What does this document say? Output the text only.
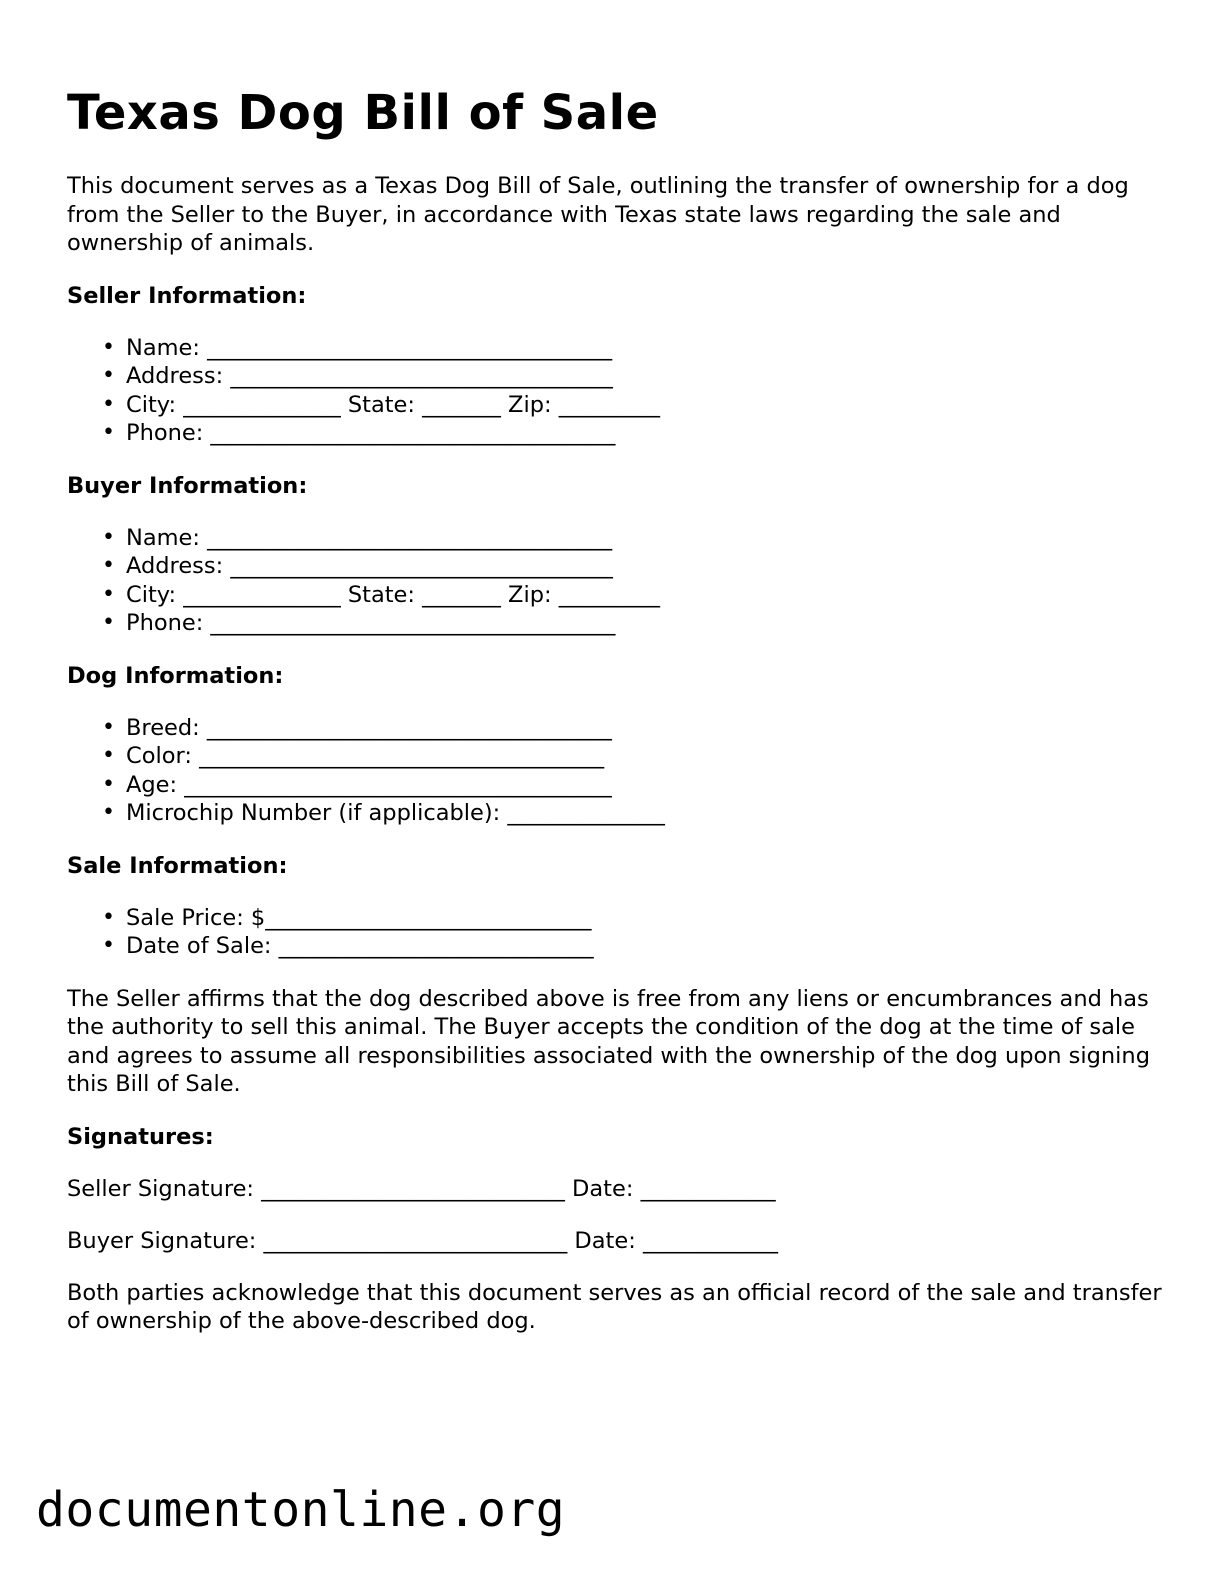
Texas Dog Bill of Sale

This document serves as a Texas Dog Bill of Sale, outlining the transfer of ownership for a dog from the Seller to the Buyer, in accordance with Texas state laws regarding the sale and ownership of animals.

Seller Information:
• Name: ____________________________________
• Address: __________________________________
• City: ______________ State: _______ Zip: _________
• Phone: ____________________________________
Buyer Information:
• Name: ____________________________________
• Address: __________________________________
• City: ______________ State: _______ Zip: _________
• Phone: ____________________________________
Dog Information:
• Breed: ____________________________________
• Color: ____________________________________
• Age: ______________________________________
• Microchip Number (if applicable): ______________
Sale Information:
• Sale Price: $_____________________________
• Date of Sale: ____________________________

The Seller affirms that the dog described above is free from any liens or encumbrances and has the authority to sell this animal. The Buyer accepts the condition of the dog at the time of sale and agrees to assume all responsibilities associated with the ownership of the dog upon signing this Bill of Sale.

Signatures:
Seller Signature: ___________________________ Date: ____________
Buyer Signature: ___________________________ Date: ____________

Both parties acknowledge that this document serves as an official record of the sale and transfer of ownership of the above-described dog.

documentonline.org
